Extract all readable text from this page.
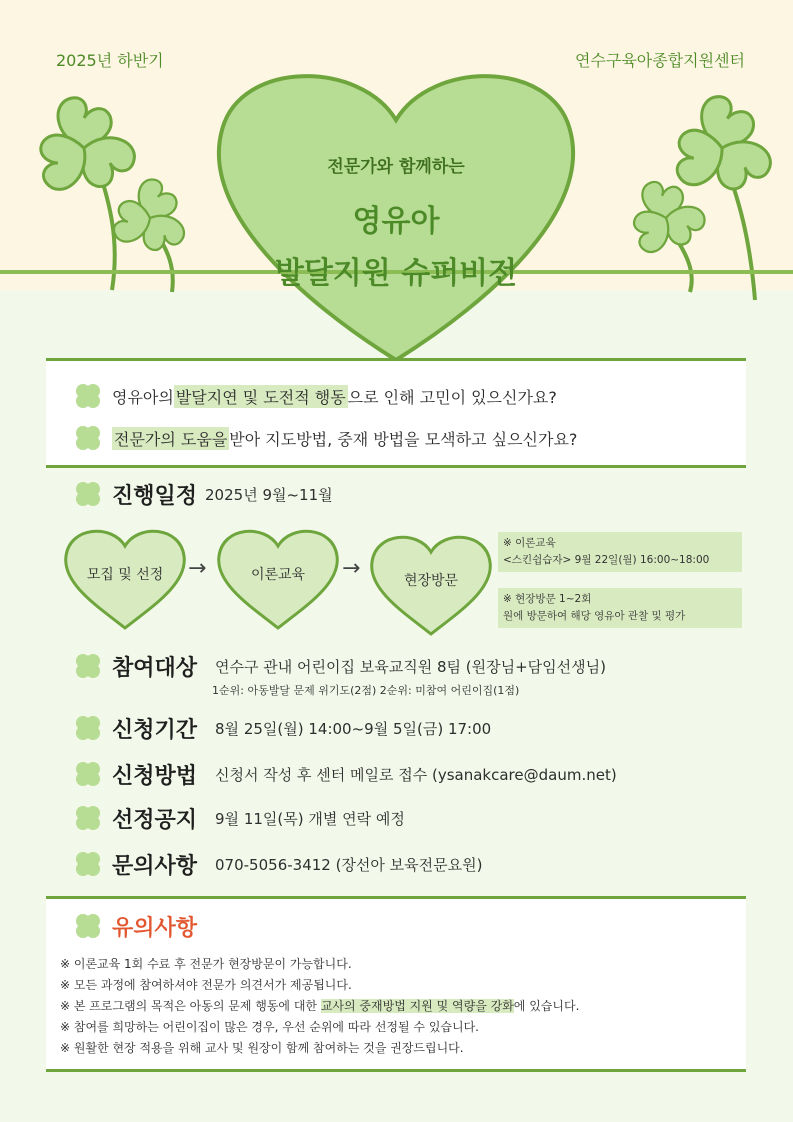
2025년 하반기	연수구육아종합지원센터
전문가와 함께하는
영유아
발달지원 슈퍼비전
영유아의 발달지연 및 도전적 행동 으로 인해 고민이 있으신가요?
전문가의 도움을 받아 지도방법, 중재 방법을 모색하고 싶으신가요?
진행일정 2025년 9월~11월
모집 및 선정	→	이론교육	→	현장방문
※ 이론교육
<스킨쉽습자> 9월 22일(월) 16:00~18:00
※ 현장방문 1~2회
원에 방문하여 해당 영유아 관찰 및 평가
참여대상 연수구 관내 어린이집 보육교직원 8팀 (원장님+담임선생님)
1순위: 아동발달 문제 위기도(2점) 2순위: 미참여 어린이집(1점)
신청기간 8월 25일(월) 14:00~9월 5일(금) 17:00
신청방법 신청서 작성 후 센터 메일로 접수 (ysanakcare@daum.net)
선정공지 9월 11일(목) 개별 연락 예정
문의사항 070-5056-3412 (장선아 보육전문요원)
유의사항
※ 이론교육 1회 수료 후 전문가 현장방문이 가능합니다.
※ 모든 과정에 참여하셔야 전문가 의견서가 제공됩니다.
※ 본 프로그램의 목적은 아동의 문제 행동에 대한 교사의 중재방법 지원 및 역량을 강화에 있습니다.
※ 참여를 희망하는 어린이집이 많은 경우, 우선 순위에 따라 선정될 수 있습니다.
※ 원활한 현장 적용을 위해 교사 및 원장이 함께 참여하는 것을 권장드립니다.
